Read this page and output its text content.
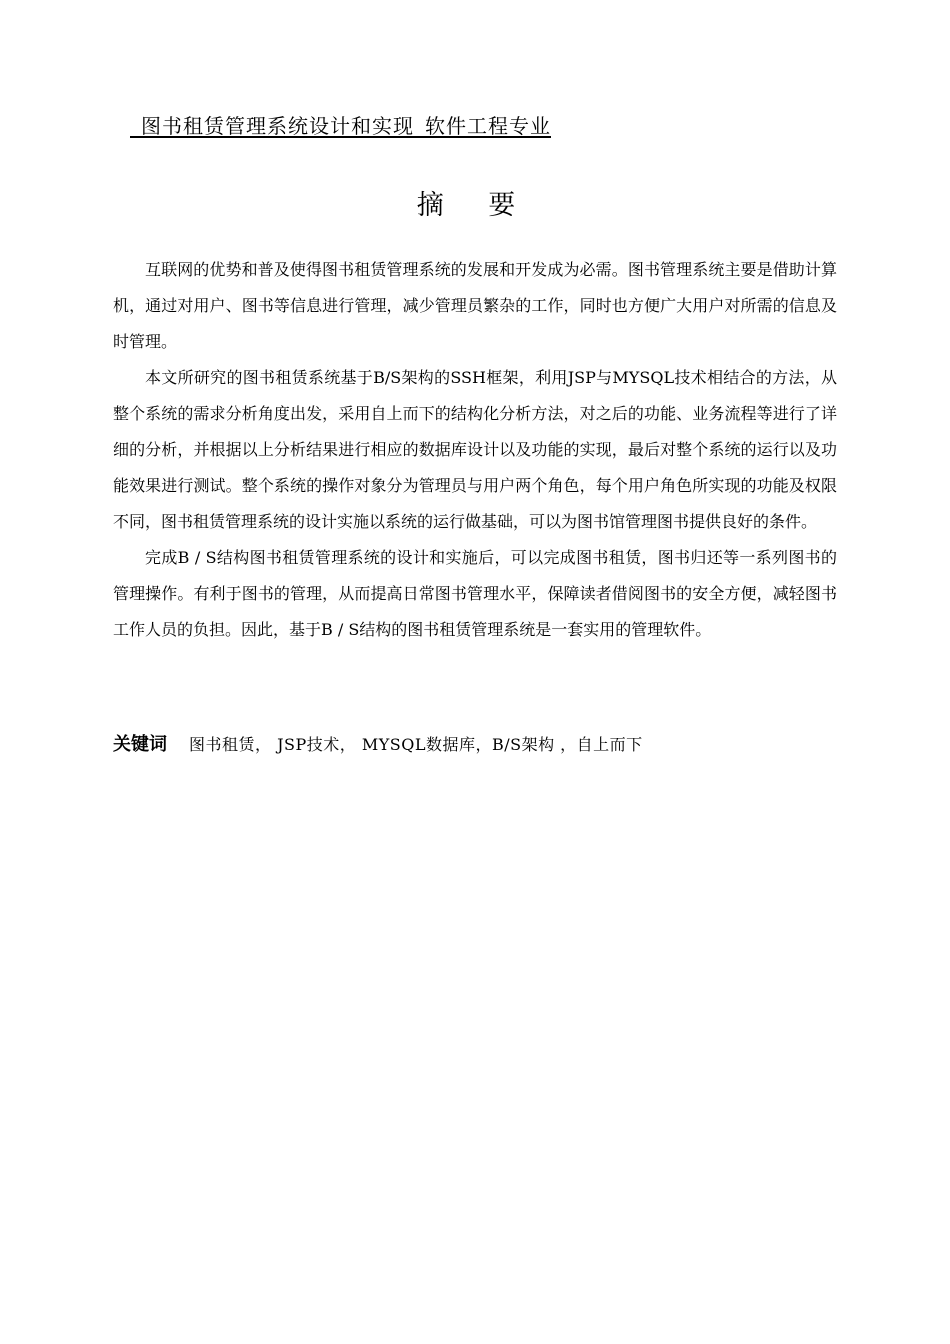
_图书租赁管理系统设计和实现_软件工程专业
摘 要

互联网的优势和普及使得图书租赁管理系统的发展和开发成为必需。图书管理系统主要是借助计算机，通过对用户、图书等信息进行管理，减少管理员繁杂的工作，同时也方便广大用户对所需的信息及时管理。

本文所研究的图书租赁系统基于B/S架构的SSH框架，利用JSP与MYSQL技术相结合的方法，从整个系统的需求分析角度出发，采用自上而下的结构化分析方法，对之后的功能、业务流程等进行了详细的分析，并根据以上分析结果进行相应的数据库设计以及功能的实现，最后对整个系统的运行以及功能效果进行测试。整个系统的操作对象分为管理员与用户两个角色，每个用户角色所实现的功能及权限不同，图书租赁管理系统的设计实施以系统的运行做基础，可以为图书馆管理图书提供良好的条件。

完成B / S结构图书租赁管理系统的设计和实施后，可以完成图书租赁，图书归还等一系列图书的管理操作。有利于图书的管理，从而提高日常图书管理水平，保障读者借阅图书的安全方便，减轻图书工作人员的负担。因此，基于B / S结构的图书租赁管理系统是一套实用的管理软件。

关键词 图书租赁， JSP技术， MYSQL数据库，B/S架构 ，自上而下
